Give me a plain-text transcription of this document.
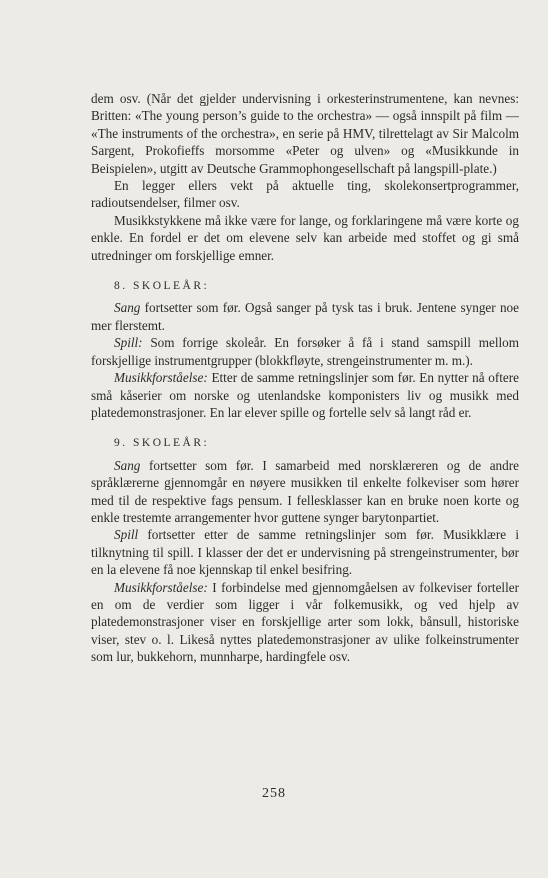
dem osv. (Når det gjelder undervisning i orkesterinstrumentene, kan nevnes: Britten: «The young person’s guide to the orchestra» — også innspilt på film — «The instruments of the orchestra», en serie på HMV, tilrettelagt av Sir Malcolm Sargent, Prokofieffs morsomme «Peter og ulven» og «Musikkunde in Beispielen», utgitt av Deutsche Grammophongesellschaft på langspill-plate.)

En legger ellers vekt på aktuelle ting, skolekonsertprogrammer, radioutsendelser, filmer osv.

Musikkstykkene må ikke være for lange, og forklaringene må være korte og enkle. En fordel er det om elevene selv kan arbeide med stoffet og gi små utredninger om forskjellige emner.

8. SKOLEÅR:

Sang fortsetter som før. Også sanger på tysk tas i bruk. Jentene synger noe mer flerstemt.

Spill: Som forrige skoleår. En forsøker å få i stand samspill mellom forskjellige instrumentgrupper (blokkfløyte, strengeinstrumenter m. m.).

Musikkforståelse: Etter de samme retningslinjer som før. En nytter nå oftere små kåserier om norske og utenlandske komponisters liv og musikk med platedemonstrasjoner. En lar elever spille og fortelle selv så langt råd er.

9. SKOLEÅR:

Sang fortsetter som før. I samarbeid med norsklæreren og de andre språklærerne gjennomgår en nøyere musikken til enkelte folkeviser som hører med til de respektive fags pensum. I fellesklasser kan en bruke noen korte og enkle trestemte arrangementer hvor guttene synger barytonpartiet.

Spill fortsetter etter de samme retningslinjer som før. Musikklære i tilknytning til spill. I klasser der det er undervisning på strengeinstrumenter, bør en la elevene få noe kjennskap til enkel besifring.

Musikkforståelse: I forbindelse med gjennomgåelsen av folkeviser forteller en om de verdier som ligger i vår folkemusikk, og ved hjelp av platedemonstrasjoner viser en forskjellige arter som lokk, bånsull, historiske viser, stev o. l. Likeså nyttes platedemonstrasjoner av ulike folkeinstrumenter som lur, bukkehorn, munnharpe, hardingfele osv.

258
